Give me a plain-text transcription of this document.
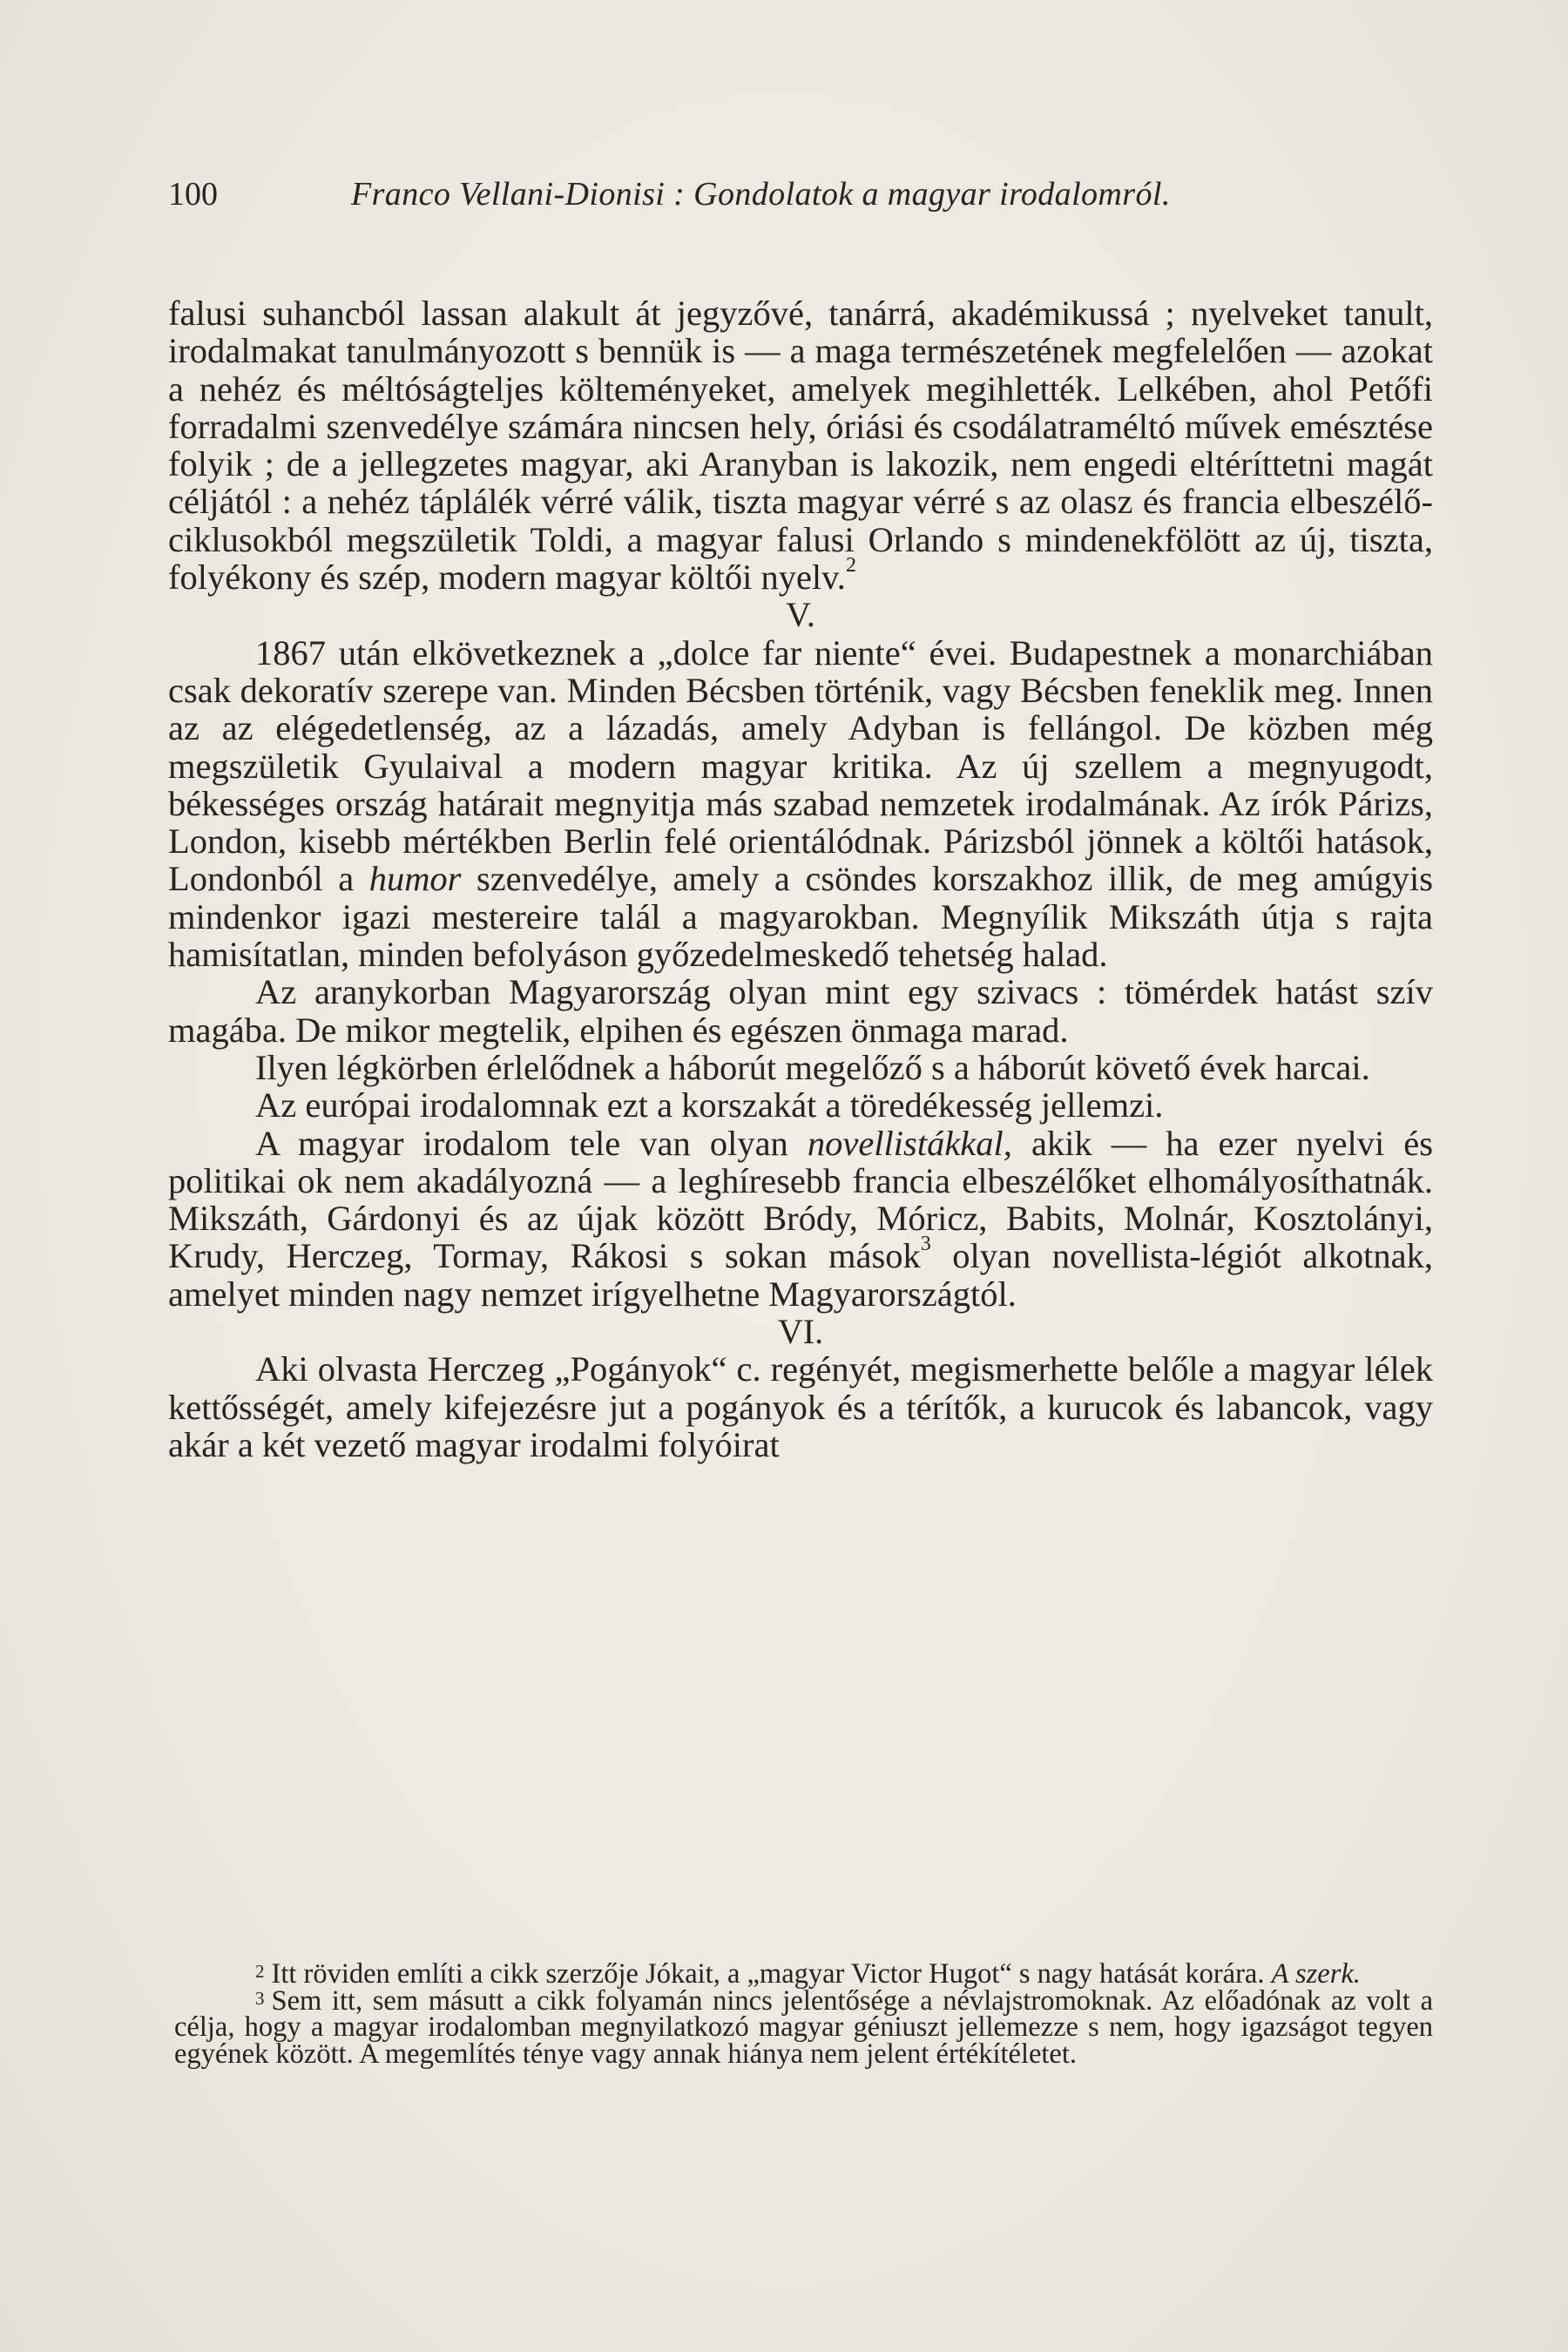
100	Franco Vellani-Dionisi : Gondolatok a magyar irodalomról.

falusi suhancból lassan alakult át jegyzővé, tanárrá, akadémikussá ; nyelveket tanult, irodalmakat tanulmányozott s bennük is — a maga természetének megfelelően — azokat a nehéz és méltóságteljes költeményeket, amelyek megihlették. Lelkében, ahol Petőfi forradalmi szenvedélye számára nincsen hely, óriási és csodálatraméltó művek emésztése folyik ; de a jellegzetes magyar, aki Aranyban is lakozik, nem engedi eltéríttetni magát céljától : a nehéz táplálék vérré válik, tiszta magyar vérré s az olasz és francia elbeszélő-ciklusokból megszületik Toldi, a magyar falusi Orlando s mindenekfölött az új, tiszta, folyékony és szép, modern magyar költői nyelv.$^2$

V.

1867 után elkövetkeznek a „dolce far niente“ évei. Budapestnek a monarchiában csak dekoratív szerepe van. Minden Bécsben történik, vagy Bécsben feneklik meg. Innen az az elégedetlenség, az a lázadás, amely Adyban is fellángol. De közben még megszületik Gyulaival a modern magyar kritika. Az új szellem a megnyugodt, békességes ország határait megnyitja más szabad nemzetek irodalmának. Az írók Párizs, London, kisebb mértékben Berlin felé orientálódnak. Párizsból jönnek a költői hatások, Londonból a humor szenvedélye, amely a csöndes korszakhoz illik, de meg amúgyis mindenkor igazi mestereire talál a magyarokban. Megnyílik Mikszáth útja s rajta hamisítatlan, minden befolyáson győzedelmeskedő tehetség halad.

Az aranykorban Magyarország olyan mint egy szivacs : tömérdek hatást szív magába. De mikor megtelik, elpihen és egészen önmaga marad.

Ilyen légkörben érlelődnek a háborút megelőző s a háborút követő évek harcai.

Az európai irodalomnak ezt a korszakát a töredékesség jellemzi.

A magyar irodalom tele van olyan novellistákkal, akik — ha ezer nyelvi és politikai ok nem akadályozná — a leghíresebb francia elbeszélőket elhomályosíthatnák. Mikszáth, Gárdonyi és az újak között Bródy, Móricz, Babits, Molnár, Kosztolányi, Krudy, Herczeg, Tormay, Rákosi s sokan mások$^3$ olyan novellista-légiót alkotnak, amelyet minden nagy nemzet irígyelhetne Magyarországtól.

VI.

Aki olvasta Herczeg „Pogányok“ c. regényét, megismerhette belőle a magyar lélek kettősségét, amely kifejezésre jut a pogányok és a térítők, a kurucok és labancok, vagy akár a két vezető magyar irodalmi folyóirat

$^2$ Itt röviden említi a cikk szerzője Jókait, a „magyar Victor Hugot“ s nagy hatását korára. A szerk.

$^3$ Sem itt, sem másutt a cikk folyamán nincs jelentősége a névlajstromoknak. Az előadónak az volt a célja, hogy a magyar irodalomban megnyilatkozó magyar géniuszt jellemezze s nem, hogy igazságot tegyen egyének között. A megemlítés ténye vagy annak hiánya nem jelent értékítéletet.
